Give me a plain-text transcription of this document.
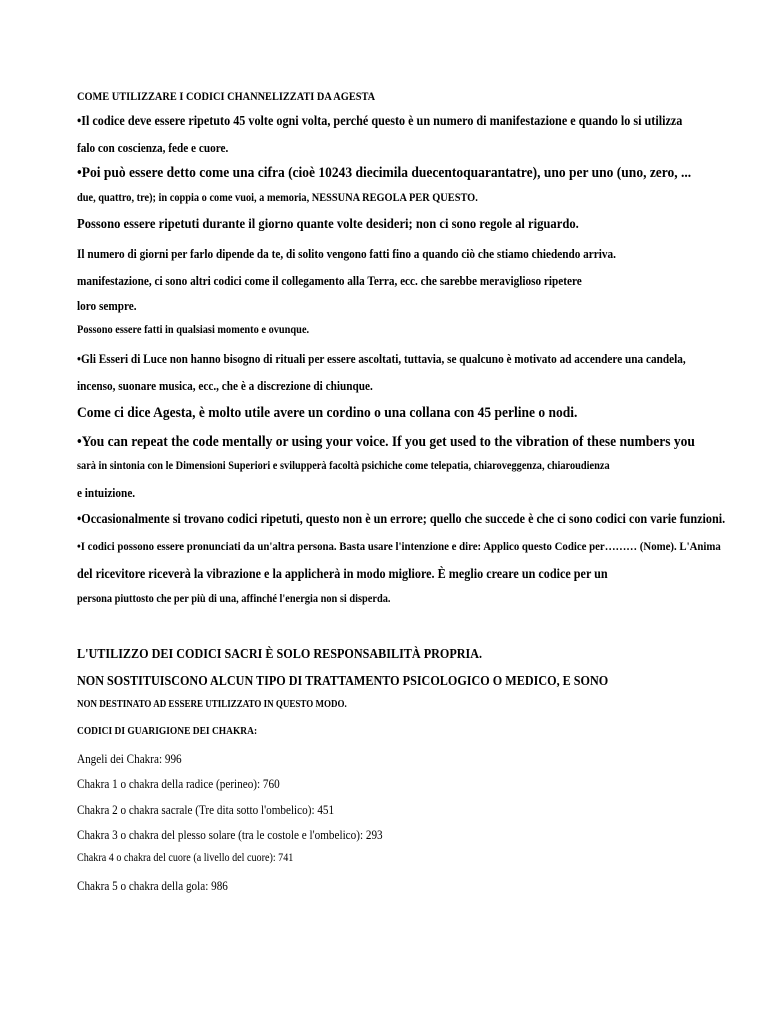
COME UTILIZZARE I CODICI CHANNELIZZATI DA AGESTA

•Il codice deve essere ripetuto 45 volte ogni volta, perché questo è un numero di manifestazione e quando lo si utilizza

falo con coscienza, fede e cuore.

•Poi può essere detto come una cifra (cioè 10243 diecimila duecentoquarantatre), uno per uno (uno, zero, ...

due, quattro, tre); in coppia o come vuoi, a memoria, NESSUNA REGOLA PER QUESTO.

Possono essere ripetuti durante il giorno quante volte desideri; non ci sono regole al riguardo.

Il numero di giorni per farlo dipende da te, di solito vengono fatti fino a quando ciò che stiamo chiedendo arriva.

manifestazione, ci sono altri codici come il collegamento alla Terra, ecc. che sarebbe meraviglioso ripetere

loro sempre.

Possono essere fatti in qualsiasi momento e ovunque.

•Gli Esseri di Luce non hanno bisogno di rituali per essere ascoltati, tuttavia, se qualcuno è motivato ad accendere una candela,

incenso, suonare musica, ecc., che è a discrezione di chiunque.

Come ci dice Agesta, è molto utile avere un cordino o una collana con 45 perline o nodi.

•You can repeat the code mentally or using your voice. If you get used to the vibration of these numbers you

sarà in sintonia con le Dimensioni Superiori e svilupperà facoltà psichiche come telepatia, chiaroveggenza, chiaroudienza

e intuizione.

•Occasionalmente si trovano codici ripetuti, questo non è un errore; quello che succede è che ci sono codici con varie funzioni.

•I codici possono essere pronunciati da un'altra persona. Basta usare l'intenzione e dire: Applico questo Codice per……… (Nome). L'Anima

del ricevitore riceverà la vibrazione e la applicherà in modo migliore. È meglio creare un codice per un

persona piuttosto che per più di una, affinché l'energia non si disperda.

L'UTILIZZO DEI CODICI SACRI È SOLO RESPONSABILITÀ PROPRIA.

NON SOSTITUISCONO ALCUN TIPO DI TRATTAMENTO PSICOLOGICO O MEDICO, E SONO

NON DESTINATO AD ESSERE UTILIZZATO IN QUESTO MODO.

CODICI DI GUARIGIONE DEI CHAKRA:

Angeli dei Chakra: 996

Chakra 1 o chakra della radice (perineo): 760

Chakra 2 o chakra sacrale (Tre dita sotto l'ombelico): 451

Chakra 3 o chakra del plesso solare (tra le costole e l'ombelico): 293

Chakra 4 o chakra del cuore (a livello del cuore): 741

Chakra 5 o chakra della gola: 986
